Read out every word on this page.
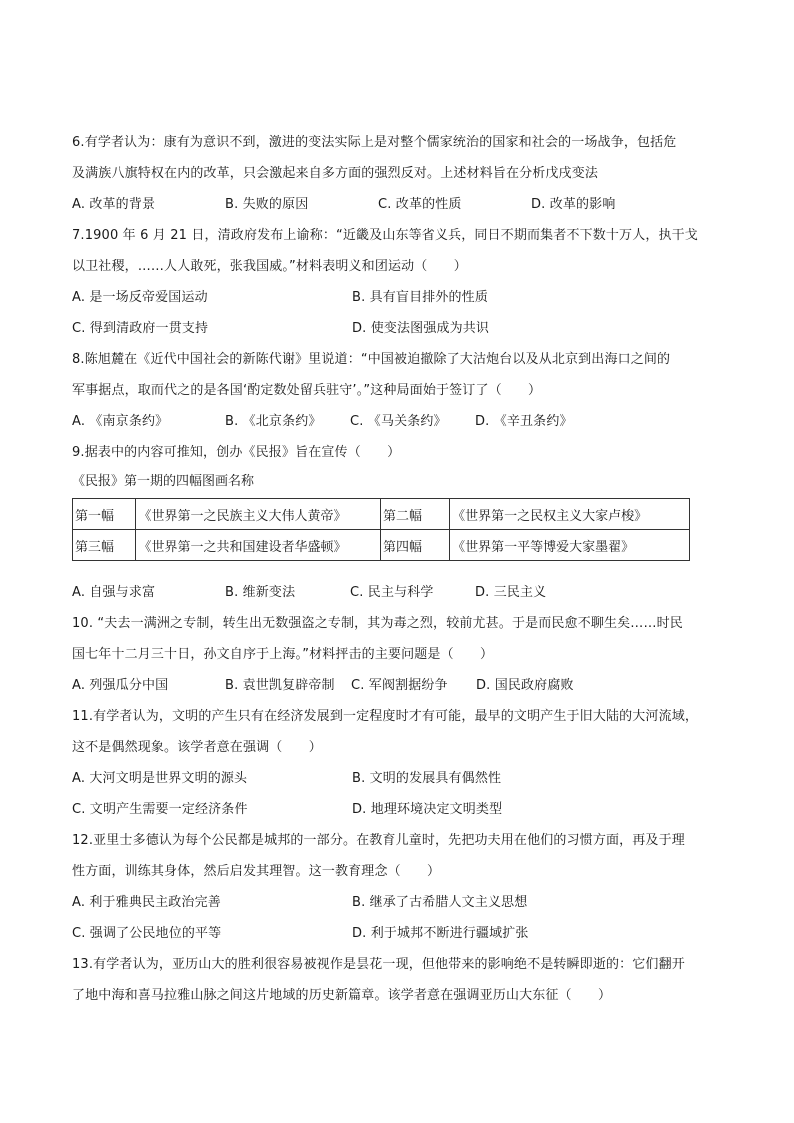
6.有学者认为：康有为意识不到，激进的变法实际上是对整个儒家统治的国家和社会的一场战争，包括危
及满族八旗特权在内的改革，只会激起来自多方面的强烈反对。上述材料旨在分析戊戌变法
A. 改革的背景	B. 失败的原因	C. 改革的性质	D. 改革的影响
7.1900 年 6 月 21 日，清政府发布上谕称：“近畿及山东等省义兵，同日不期而集者不下数十万人，执干戈
以卫社稷，……人人敢死，张我国威。”材料表明义和团运动（　　）
A. 是一场反帝爱国运动	B. 具有盲目排外的性质
C. 得到清政府一贯支持	D. 使变法图强成为共识
8.陈旭麓在《近代中国社会的新陈代谢》里说道：“中国被迫撤除了大沽炮台以及从北京到出海口之间的
军事据点，取而代之的是各国‘酌定数处留兵驻守’。”这种局面始于签订了（　　）
A. 《南京条约》	B. 《北京条约》	C. 《马关条约》	D. 《辛丑条约》
9.据表中的内容可推知，创办《民报》旨在宣传（　　）
《民报》第一期的四幅图画名称
第一幅	《世界第一之民族主义大伟人黄帝》	第二幅	《世界第一之民权主义大家卢梭》
第三幅	《世界第一之共和国建设者华盛顿》	第四幅	《世界第一平等博爱大家墨翟》
A. 自强与求富	B. 维新变法	C. 民主与科学	D. 三民主义
10. “夫去一满洲之专制，转生出无数强盗之专制，其为毒之烈，较前尤甚。于是而民愈不聊生矣……时民
国七年十二月三十日，孙文自序于上海。”材料抨击的主要问题是（　　）
A. 列强瓜分中国	B. 袁世凯复辟帝制	C. 军阀割据纷争	D. 国民政府腐败
11.有学者认为，文明的产生只有在经济发展到一定程度时才有可能，最早的文明产生于旧大陆的大河流域，
这不是偶然现象。该学者意在强调（　　）
A. 大河文明是世界文明的源头	B. 文明的发展具有偶然性
C. 文明产生需要一定经济条件	D. 地理环境决定文明类型
12.亚里士多德认为每个公民都是城邦的一部分。在教育儿童时，先把功夫用在他们的习惯方面，再及于理
性方面，训练其身体，然后启发其理智。这一教育理念（　　）
A. 利于雅典民主政治完善	B. 继承了古希腊人文主义思想
C. 强调了公民地位的平等	D. 利于城邦不断进行疆域扩张
13.有学者认为，亚历山大的胜利很容易被视作是昙花一现，但他带来的影响绝不是转瞬即逝的：它们翻开
了地中海和喜马拉雅山脉之间这片地域的历史新篇章。该学者意在强调亚历山大东征（　　）
